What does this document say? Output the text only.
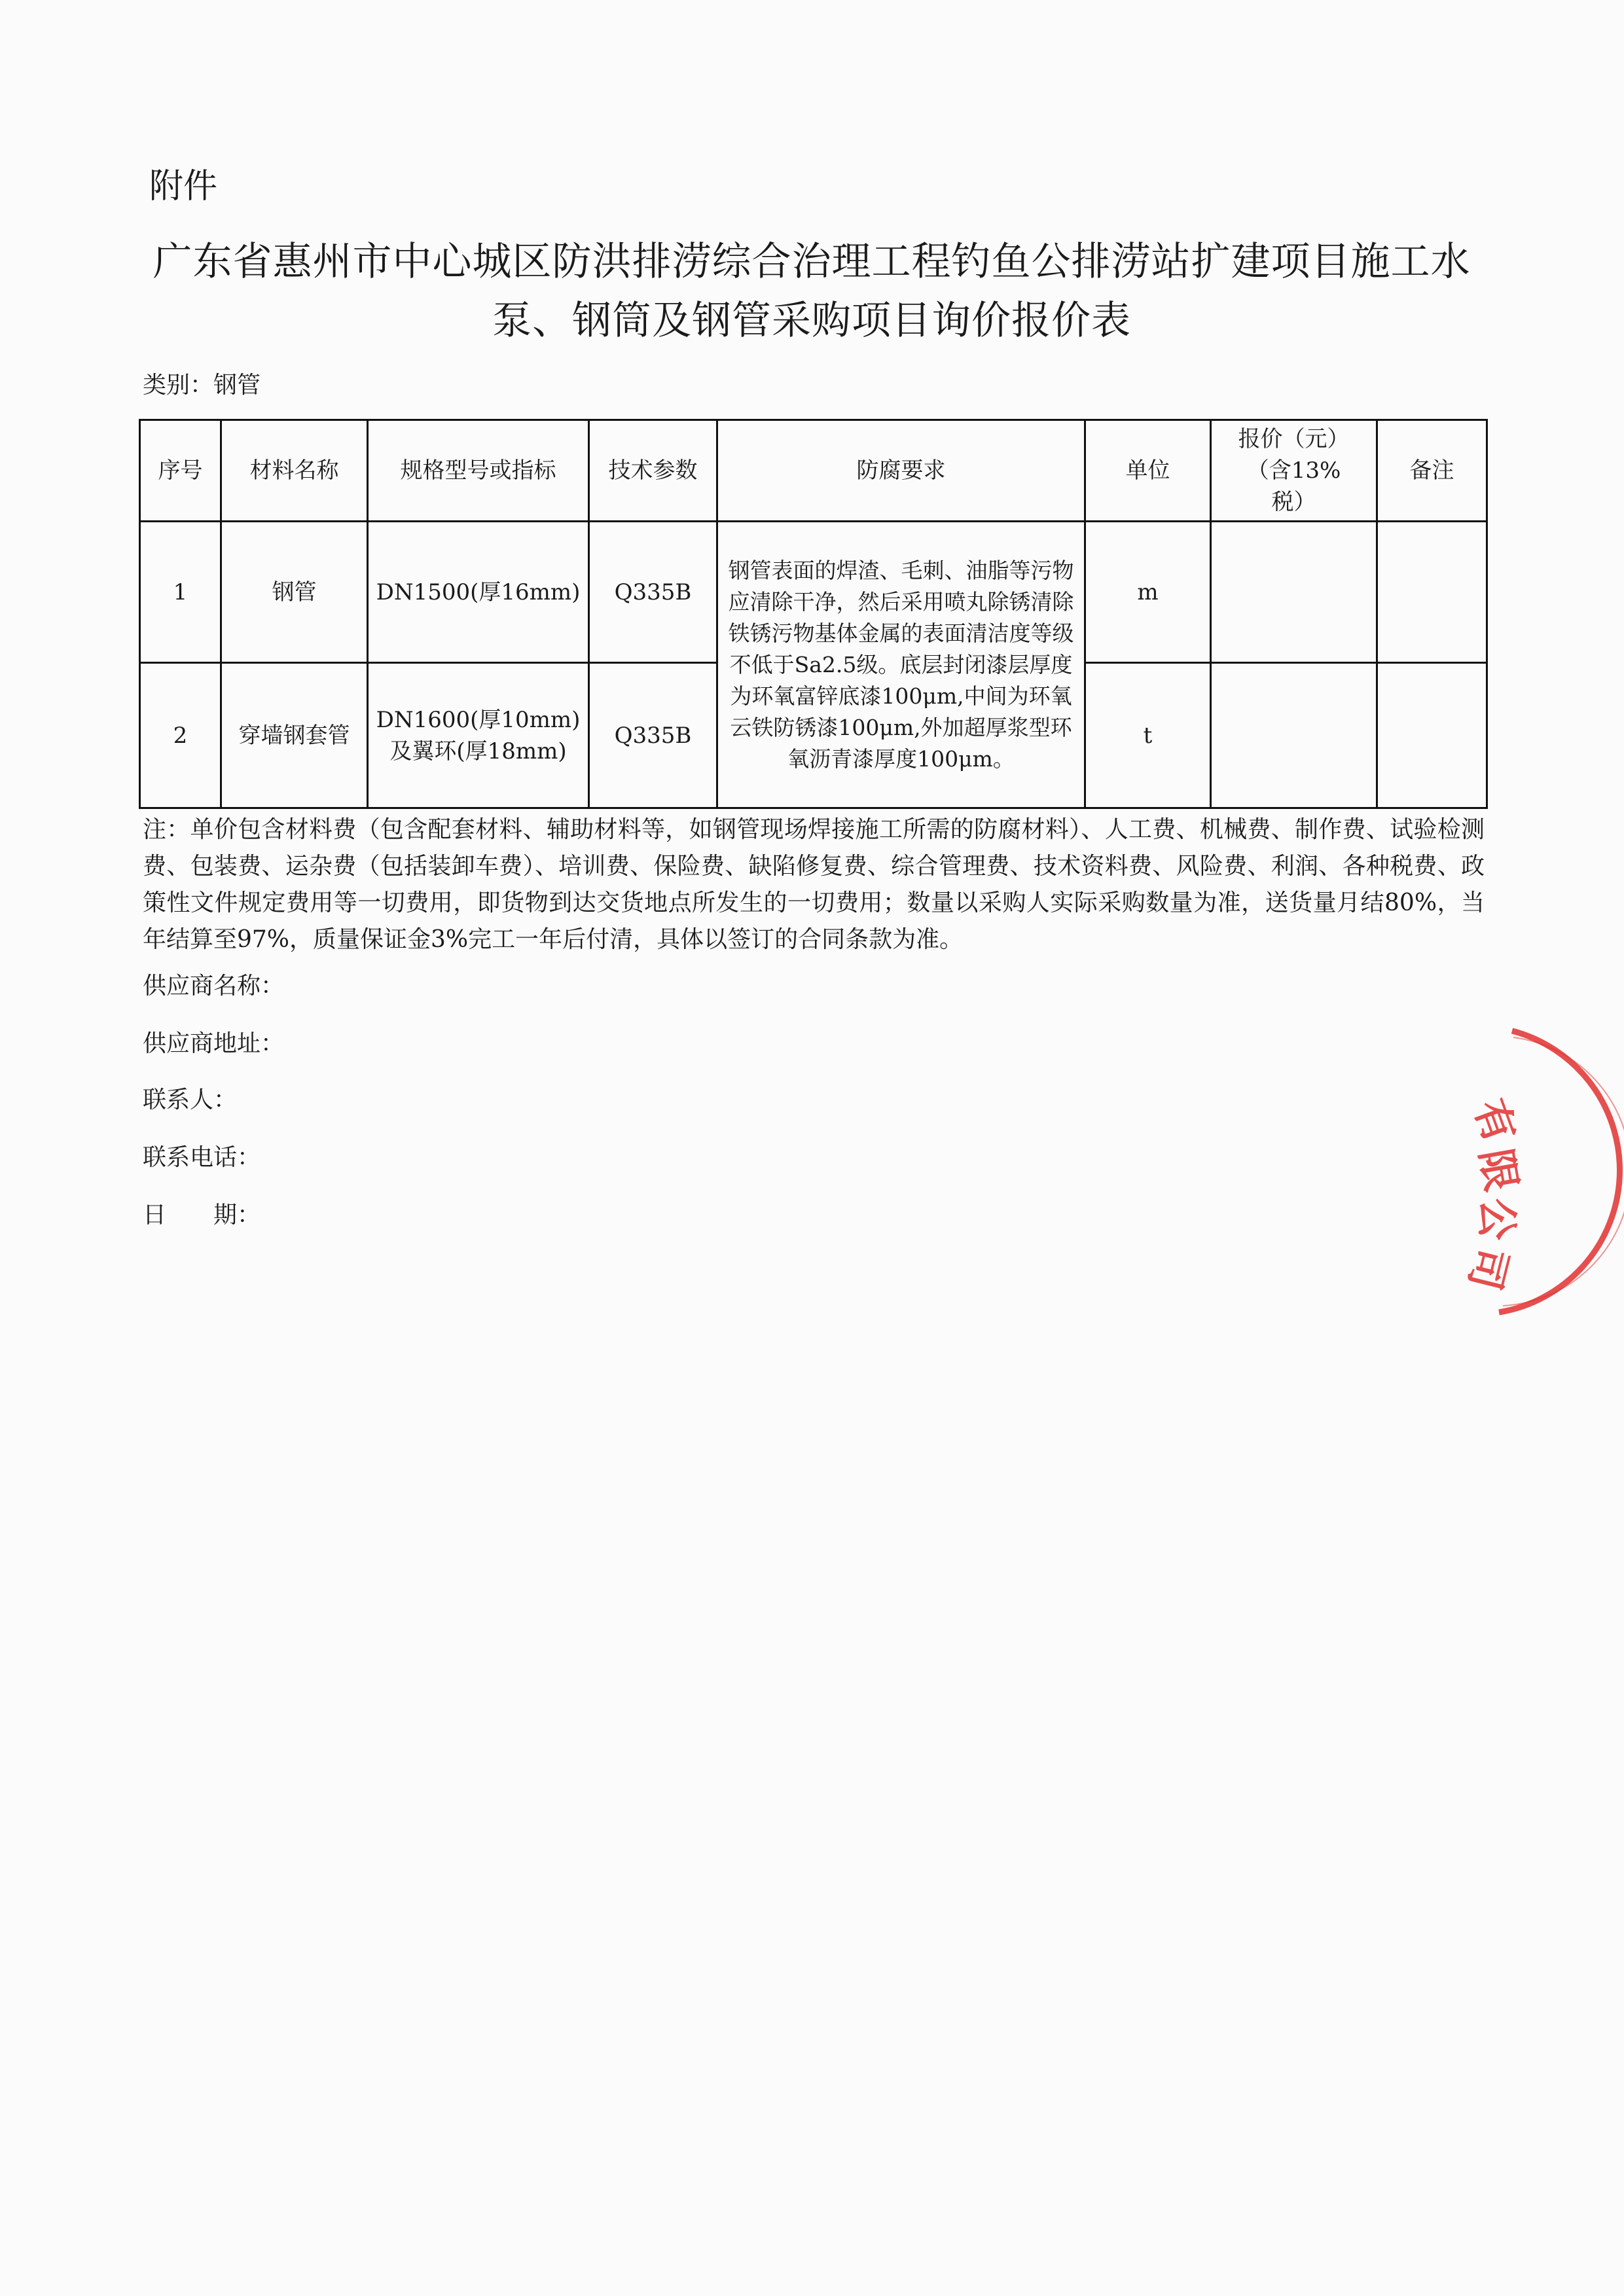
附件
广东省惠州市中心城区防洪排涝综合治理工程钓鱼公排涝站扩建项目施工水泵、钢筒及钢管采购项目询价报价表
类别：钢管
序号	材料名称	规格型号或指标	技术参数	防腐要求	单位	报价（元）（含13%税）	备注
1	钢管	DN1500(厚16mm)	Q335B	钢管表面的焊渣、毛刺、油脂等污物应清除干净，然后采用喷丸除锈清除铁锈污物基体金属的表面清洁度等级不低于Sa2.5级。底层封闭漆层厚度为环氧富锌底漆100μm,中间为环氧云铁防锈漆100μm,外加超厚浆型环氧沥青漆厚度100μm。	m		
2	穿墙钢套管	DN1600(厚10mm)及翼环(厚18mm)	Q335B		t		
注：单价包含材料费（包含配套材料、辅助材料等，如钢管现场焊接施工所需的防腐材料）、人工费、机械费、制作费、试验检测费、包装费、运杂费（包括装卸车费）、培训费、保险费、缺陷修复费、综合管理费、技术资料费、风险费、利润、各种税费、政策性文件规定费用等一切费用，即货物到达交货地点所发生的一切费用；数量以采购人实际采购数量为准，送货量月结80%，当年结算至97%，质量保证金3%完工一年后付清，具体以签订的合同条款为准。
供应商名称：
供应商地址：
联系人：
联系电话：
日　　期：
有
限
公
司
